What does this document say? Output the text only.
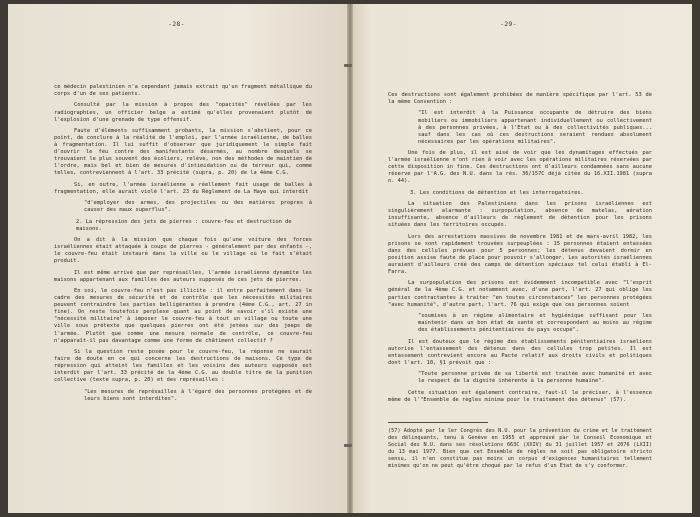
-28-

ce médecin palestinien n'a cependant jamais extrait qu'un fragment métallique du corps d'un de ses patients.

Consulté par la mission à propos des "opacités" révélées par les radiographies, un officier belge a estimé qu'elles provenaient plutôt de l'explosion d'une grenade de type offensif.

Faute d'éléments suffisamment probants, la mission s'abstient, pour ce point, de conclure à la réalité de l'emploi, par l'armée israélienne, de balles à fragmentation. Il lui suffit d'observer que juridiquement le simple fait d'ouvrir le feu contre des manifestants désarmés, au nombre desquels se trouvaient le plus souvent des écoliers, relève, non des méthodes de maintien de l'ordre, mais bel et bien de mesures d'intimidation ou de terreur qui, comme telles, contreviennent à l'art. 33 précité (supra, p. 20) de la 4ème C.G.

Si, en outre, l'armée israélienne a réellement fait usage de balles à fragmentation, elle aurait violé l'art. 23 du Règlement de La Haye qui interdit

"d'employer des armes, des projectiles ou des matières propres à causer des maux superflus".

2. La répression des jets de pierres : couvre-feu et destruction de maisons.

On a dit à la mission que chaque fois qu'une voiture des forces israéliennes était attaquée à coups de pierres - généralement par des enfants -, le couvre-feu était instauré dans la ville ou le village où le fait s'était produit.

Il est même arrivé que par représailles, l'armée israélienne dynamite les maisons appartenant aux familles des auteurs supposés de ces jets de pierres.

En soi, le couvre-feu n'est pas illicite : il entre parfaitement dans le cadre des mesures de sécurité et de contrôle que les nécessités militaires peuvent contraindre les parties belligérantes à prendre (4ème C.G., art. 27 in fine). On reste toutefois perplexe quant au point de savoir s'il existe une "nécessité militaire" à imposer le couvre-feu à tout un village ou toute une ville sous prétexte que quelques pierres ont été jetées sur des jeeps de l'armée. Plutôt que comme une mesure normale de contrôle, ce couvre-feu n'apparaît-il pas davantage comme une forme de châtiment collectif ?

Si la question reste posée pour le couvre-feu, la réponse ne saurait faire de doute en ce qui concerne les destructions de maisons. Ce type de répression qui atteint les familles et les voisins des auteurs supposés est interdit par l'art. 33 précité de la 4ème C.G. au double titre de la punition collective (texte supra, p. 20) et des représailles :

"Les mesures de représailles à l'égard des personnes protégées et de leurs biens sont interdites".

-29-

Ces destructions sont également prohibées de manière spécifique par l'art. 53 de la même Convention :

"Il est interdit à la Puissance occupante de détruire des biens mobiliers ou immobiliers appartenant individuellement ou collectivement à des personnes privées, à l'Etat ou à des collectivités publiques... sauf dans les cas où ces destructions seraient rendues absolument nécessaires par les opérations militaires".

Une fois de plus, il est aisé de voir que les dynamitages effectués par l'armée israélienne n'ont rien à voir avec les opérations militaires réservées par cette disposition in fine. Ces destructions ont d'ailleurs condamnées sans aucune réserve par l'A.G. des N.U. dans la rés. 36/157C déjà citée du 16.XII.1981 (supra n. 44).

3. Les conditions de détention et les interrogatoires.

La situation des Palestiniens dans les prisons israéliennes est singulièrement alarmante : surpopulation, absence de matelas, aération insuffisante, absence d'ailleurs de règlement de détention pour les prisons situées dans les territoires occupés.

Lors des arrestations massives de novembre 1981 et de mars-avril 1982, les prisons se sont rapidement trouvées surpeuplées : 15 personnes étaient entassées dans des cellules prévues pour 5 personnes; les détenus devaient dormir en position assise faute de place pour pouvoir s'allonger. Les autorités israéliennes auraient d'ailleurs créé des camps de détention spéciaux tel celui établi à El-Farra.

La surpopulation des prisons est évidemment incompatible avec "l'esprit général de la 4ème C.G. et notamment avec, d'une part, l'art. 27 qui oblige les parties contractantes à traiter "en toutes circonstances" les personnes protégées "avec humanité", d'autre part, l'art. 76 qui exige que ces personnes soient

"soumises à un régime alimentaire et hygiénique suffisant pour les maintenir dans un bon état de santé et correspondant au moins au régime des établissements pénitentiaires du pays occupé".

Il est douteux que le régime des établissements pénitentiaires israéliens autorise l'entassement des détenus dans des cellules trop petites. Il est entassement contrevient encore au Pacte relatif aux droits civils et politiques dont l'art. 10, §1 prévoit que :

"Toute personne privée de sa liberté est traitée avec humanité et avec le respect de la dignité inhérente à la personne humaine".

Cette situation est également contraire, faut-il le préciser, à l'essence même de l'"Ensemble de règles minima pour le traitement des détenus" (57).

(57) Adopté par le ler Congrès des N.U. pour la prévention du crime et le traitement des délinquants, tenu à Genève en 1955 et approuvé par le Conseil Economique et Social des N.U. dans ses résolutions 663C (XXIV) du 31 juillet 1957 et 2076 (LXII) du 13 mai 1977. Bien que cet Ensemble de règles ne soit pas obligatoire stricto sensu, il n'en constitue pas moins un corpus d'exigences humanitaires tellement minimes qu'on ne peut qu'être choqué par le refus d'un Etat de s'y conformer.
